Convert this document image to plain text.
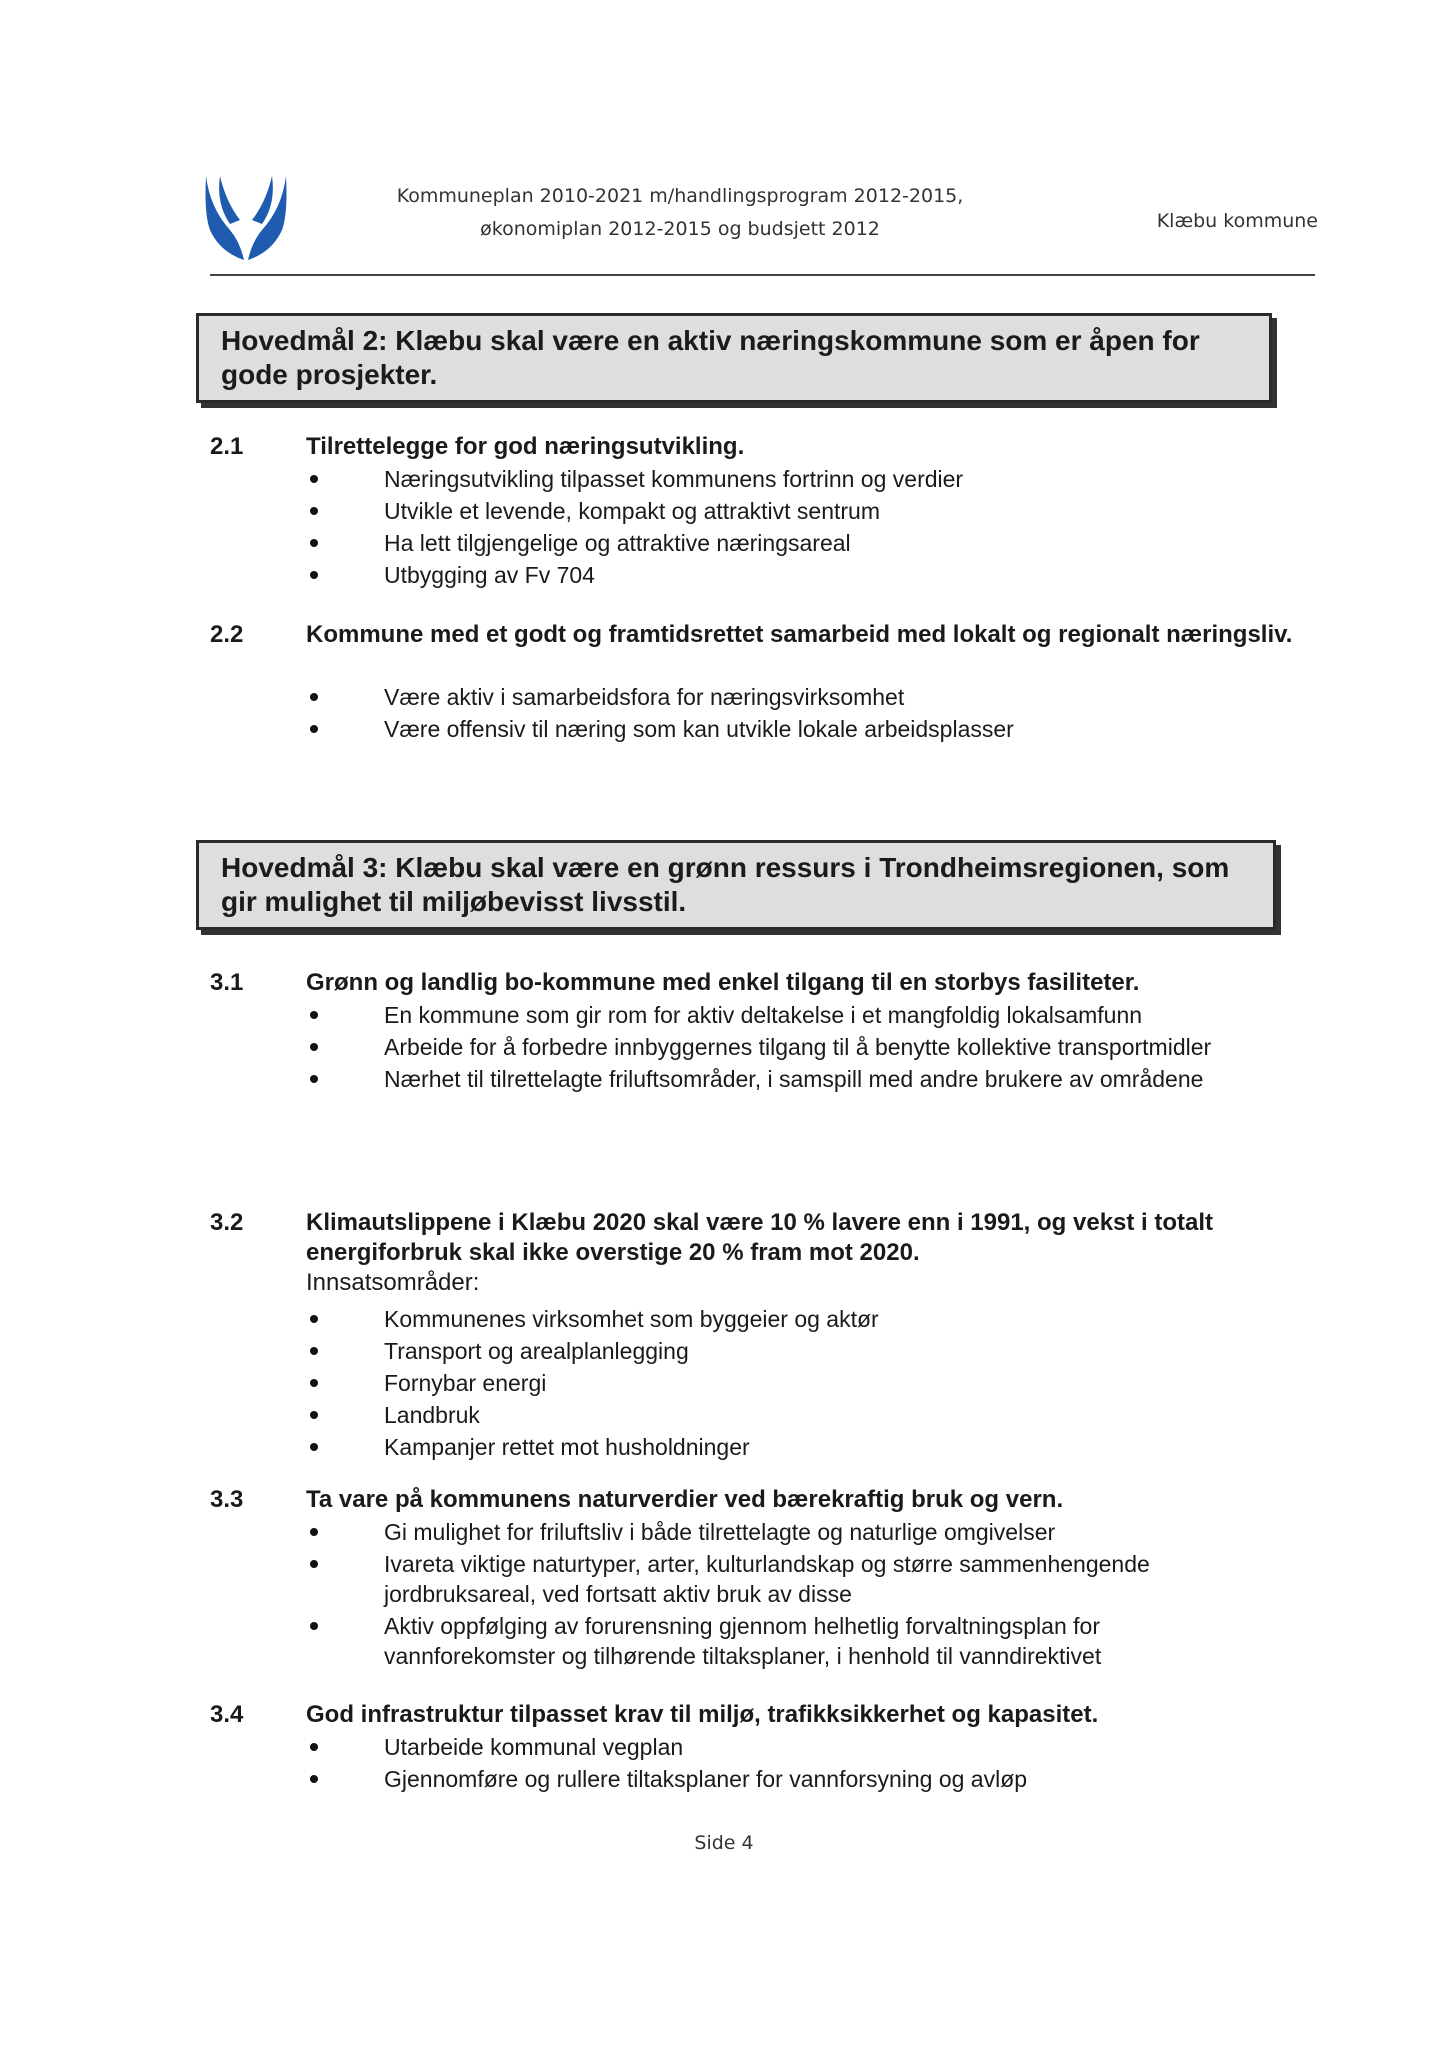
Kommuneplan 2010-2021 m/handlingsprogram 2012-2015,
økonomiplan 2012-2015 og budsjett 2012	Klæbu kommune
Hovedmål 2: Klæbu skal være en aktiv næringskommune som er åpen for gode prosjekter.
2.1	Tilrettelegge for god næringsutvikling.
Næringsutvikling tilpasset kommunens fortrinn og verdier
Utvikle et levende, kompakt og attraktivt sentrum
Ha lett tilgjengelige og attraktive næringsareal
Utbygging av Fv 704
2.2	Kommune med et godt og framtidsrettet samarbeid med lokalt og regionalt næringsliv.
Være aktiv i samarbeidsfora for næringsvirksomhet
Være offensiv til næring som kan utvikle lokale arbeidsplasser
Hovedmål 3: Klæbu skal være en grønn ressurs i Trondheimsregionen, som gir mulighet til miljøbevisst livsstil.
3.1	Grønn og landlig bo-kommune med enkel tilgang til en storbys fasiliteter.
En kommune som gir rom for aktiv deltakelse i et mangfoldig lokalsamfunn
Arbeide for å forbedre innbyggernes tilgang til å benytte kollektive transportmidler
Nærhet til tilrettelagte friluftsområder, i samspill med andre brukere av områdene
3.2	Klimautslippene i Klæbu 2020 skal være 10 % lavere enn i 1991, og vekst i totalt energiforbruk skal ikke overstige 20 % fram mot 2020.
Innsatsområder:
Kommunenes virksomhet som byggeier og aktør
Transport og arealplanlegging
Fornybar energi
Landbruk
Kampanjer rettet mot husholdninger
3.3	Ta vare på kommunens naturverdier ved bærekraftig bruk og vern.
Gi mulighet for friluftsliv i både tilrettelagte og naturlige omgivelser
Ivareta viktige naturtyper, arter, kulturlandskap og større sammenhengende jordbruksareal, ved fortsatt aktiv bruk av disse
Aktiv oppfølging av forurensning gjennom helhetlig forvaltningsplan for vannforekomster og tilhørende tiltaksplaner, i henhold til vanndirektivet
3.4	God infrastruktur tilpasset krav til miljø, trafikksikkerhet og kapasitet.
Utarbeide kommunal vegplan
Gjennomføre og rullere tiltaksplaner for vannforsyning og avløp
Side 4
